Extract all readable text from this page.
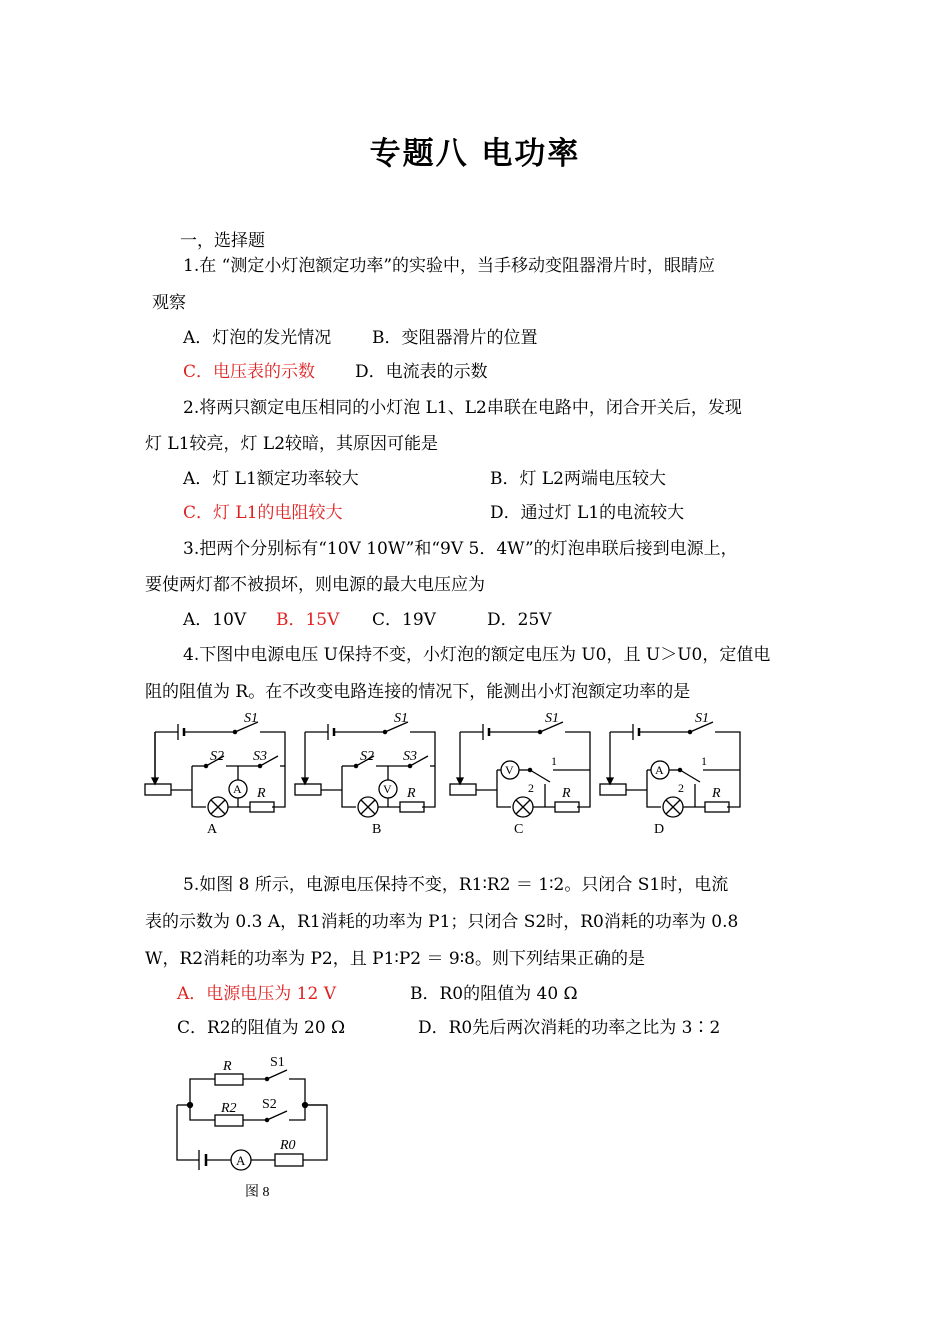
专题八 电功率
一，选择题
1.在 “测定小灯泡额定功率”的实验中，当手移动变阻器滑片时，眼睛应
观察
A．灯泡的发光情况 B．变阻器滑片的位置
C．电压表的示数 D．电流表的示数
2.将两只额定电压相同的小灯泡 L1、L2串联在电路中，闭合开关后，发现
灯 L1较亮，灯 L2较暗，其原因可能是
A．灯 L1额定功率较大	B．灯 L2两端电压较大
C．灯 L1的电阻较大	D．通过灯 L1的电流较大
3.把两个分别标有“10V 10W”和“9V 5．4W”的灯泡串联后接到电源上，
要使两灯都不被损坏，则电源的最大电压应为
A．10V B．15V C．19V	D．25V
4.下图中电源电压 U保持不变，小灯泡的额定电压为 U0，且 U＞U0，定值电
阻的阻值为 R。在不改变电路连接的情况下，能测出小灯泡额定功率的是
S1
S2 S3
A R
A
S1
S2 S3
V R
B
S1
V
1
2 R
C
S1
A
1
2 R
D
5.如图 8 所示，电源电压保持不变，R1∶R2 ＝ 1∶2。只闭合 S1时，电流
表的示数为 0.3 A，R1消耗的功率为 P1；只闭合 S2时，R0消耗的功率为 0.8
W，R2消耗的功率为 P2，且 P1∶P2 ＝ 9∶8。则下列结果正确的是
A．电源电压为 12 V	B．R0的阻值为 40 Ω
C．R2的阻值为 20 Ω	D．R0先后两次消耗的功率之比为 3∶2
R	S1
R2 S2
R0
A
图 8
